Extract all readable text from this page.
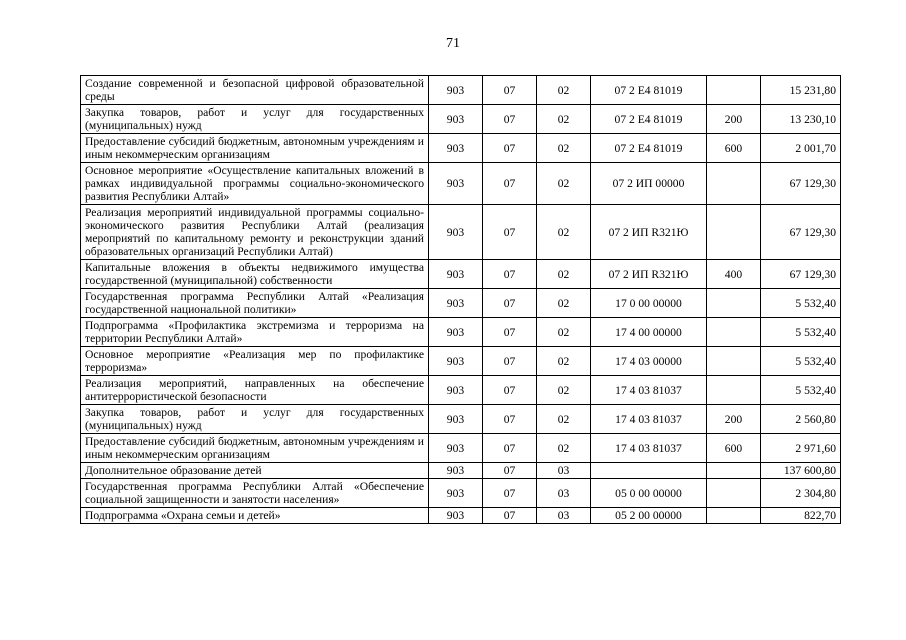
71
Создание современной и безопасной цифровой образовательной среды	903	07	02	07 2 Е4 81019		15 231,80
Закупка товаров, работ и услуг для государственных (муниципальных) нужд	903	07	02	07 2 Е4 81019	200	13 230,10
Предоставление субсидий бюджетным, автономным учреждениям и иным некоммерческим организациям	903	07	02	07 2 Е4 81019	600	2 001,70
Основное мероприятие «Осуществление капитальных вложений в рамках индивидуальной программы социально-экономического развития Республики Алтай»	903	07	02	07 2 ИП 00000		67 129,30
Реализация мероприятий индивидуальной программы социально-экономического развития Республики Алтай (реализация мероприятий по капитальному ремонту и реконструкции зданий образовательных организаций Республики Алтай)	903	07	02	07 2 ИП R321Ю		67 129,30
Капитальные вложения в объекты недвижимого имущества государственной (муниципальной) собственности	903	07	02	07 2 ИП R321Ю	400	67 129,30
Государственная программа Республики Алтай «Реализация государственной национальной политики»	903	07	02	17 0 00 00000		5 532,40
Подпрограмма «Профилактика экстремизма и терроризма на территории Республики Алтай»	903	07	02	17 4 00 00000		5 532,40
Основное мероприятие «Реализация мер по профилактике терроризма»	903	07	02	17 4 03 00000		5 532,40
Реализация мероприятий, направленных на обеспечение антитеррористической безопасности	903	07	02	17 4 03 81037		5 532,40
Закупка товаров, работ и услуг для государственных (муниципальных) нужд	903	07	02	17 4 03 81037	200	2 560,80
Предоставление субсидий бюджетным, автономным учреждениям и иным некоммерческим организациям	903	07	02	17 4 03 81037	600	2 971,60
Дополнительное образование детей	903	07	03			137 600,80
Государственная программа Республики Алтай «Обеспечение социальной защищенности и занятости населения»	903	07	03	05 0 00 00000		2 304,80
Подпрограмма «Охрана семьи и детей»	903	07	03	05 2 00 00000		822,70
